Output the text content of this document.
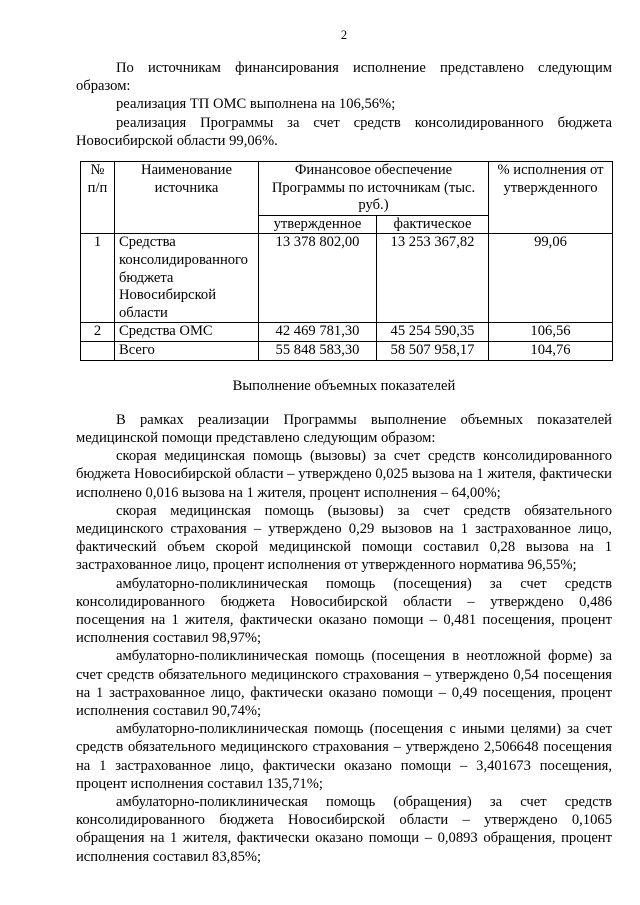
2

По источникам финансирования исполнение представлено следующим образом:

реализация ТП ОМС выполнена на 106,56%;

реализация Программы за счет средств консолидированного бюджета Новосибирской области 99,06%.

№ п/п	Наименование источника	Финансовое обеспечение Программы по источникам (тыс. руб.)		% исполнения от утвержденного
		утвержденное	фактическое	
1	Средства консолидированного бюджета Новосибирской области	13 378 802,00	13 253 367,82	99,06
2	Средства ОМС	42 469 781,30	45 254 590,35	106,56
	Всего	55 848 583,30	58 507 958,17	104,76
Выполнение объемных показателей

В рамках реализации Программы выполнение объемных показателей медицинской помощи представлено следующим образом:

скорая медицинская помощь (вызовы) за счет средств консолидированного бюджета Новосибирской области – утверждено 0,025 вызова на 1 жителя, фактически исполнено 0,016 вызова на 1 жителя, процент исполнения – 64,00%;

скорая медицинская помощь (вызовы) за счет средств обязательного медицинского страхования – утверждено 0,29 вызовов на 1 застрахованное лицо, фактический объем скорой медицинской помощи составил 0,28 вызова на 1 застрахованное лицо, процент исполнения от утвержденного норматива 96,55%;

амбулаторно-поликлиническая помощь (посещения) за счет средств консолидированного бюджета Новосибирской области – утверждено 0,486 посещения на 1 жителя, фактически оказано помощи – 0,481 посещения, процент исполнения составил 98,97%;

амбулаторно-поликлиническая помощь (посещения в неотложной форме) за счет средств обязательного медицинского страхования – утверждено 0,54 посещения на 1 застрахованное лицо, фактически оказано помощи – 0,49 посещения, процент исполнения составил 90,74%;

амбулаторно-поликлиническая помощь (посещения с иными целями) за счет средств обязательного медицинского страхования – утверждено 2,506648 посещения на 1 застрахованное лицо, фактически оказано помощи – 3,401673 посещения, процент исполнения составил 135,71%;

амбулаторно-поликлиническая помощь (обращения) за счет средств консолидированного бюджета Новосибирской области – утверждено 0,1065 обращения на 1 жителя, фактически оказано помощи – 0,0893 обращения, процент исполнения составил 83,85%;
